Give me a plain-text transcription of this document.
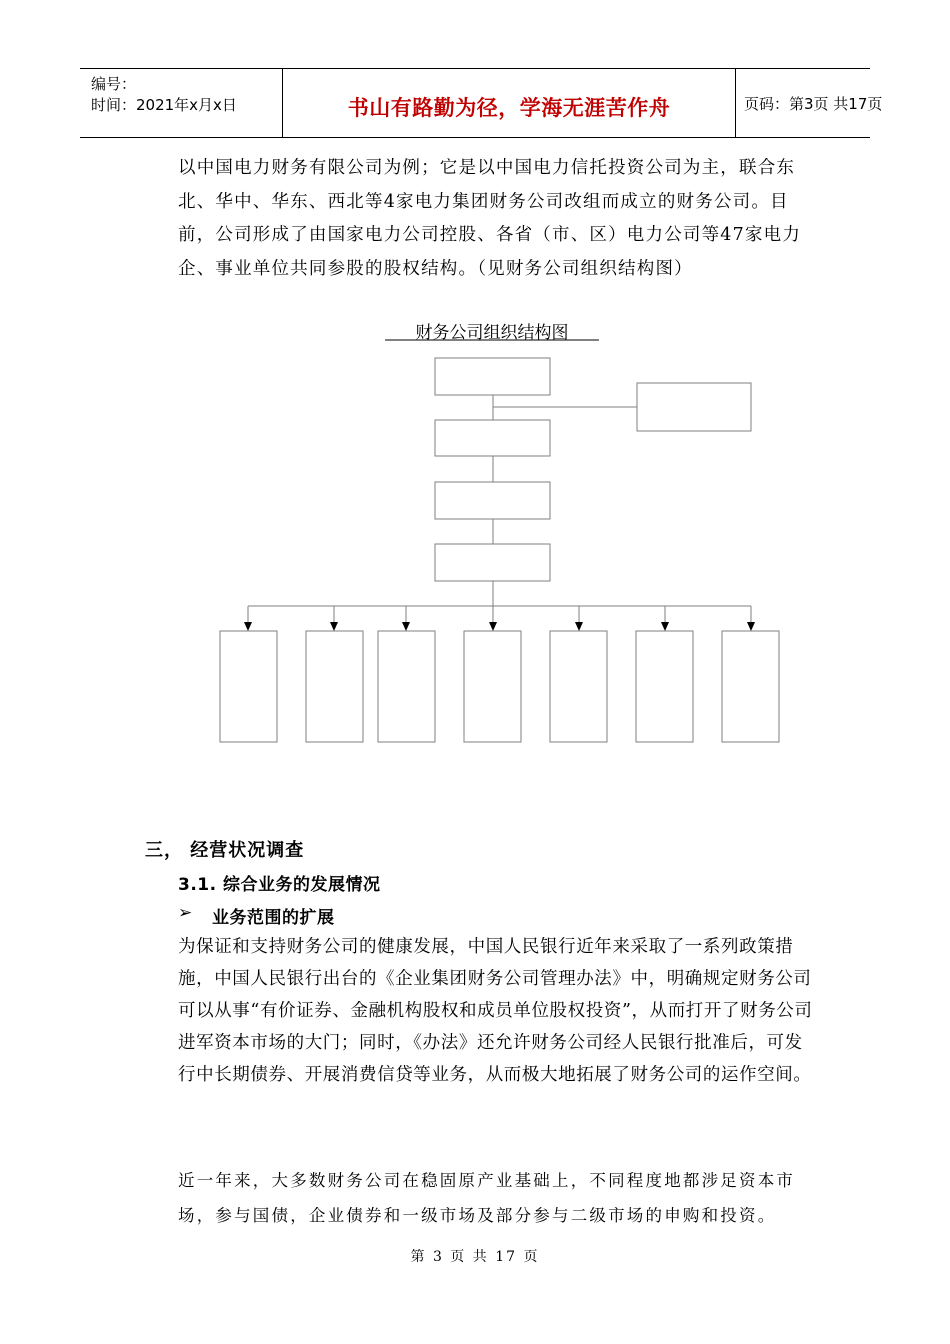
编号：
时间：2021年x月x日	书山有路勤为径，学海无涯苦作舟	页码：第3页 共17页
以中国电力财务有限公司为例；它是以中国电力信托投资公司为主，联合东北、华中、华东、西北等4家电力集团财务公司改组而成立的财务公司。目前，公司形成了由国家电力公司控股、各省（市、区）电力公司等47家电力企、事业单位共同参股的股权结构。（见财务公司组织结构图）
财务公司组织结构图
三， 经营状况调查
3.1. 综合业务的发展情况
➢ 业务范围的扩展
为保证和支持财务公司的健康发展，中国人民银行近年来采取了一系列政策措施，中国人民银行出台的《企业集团财务公司管理办法》中，明确规定财务公司可以从事“有价证券、金融机构股权和成员单位股权投资”，从而打开了财务公司进军资本市场的大门；同时，《办法》还允许财务公司经人民银行批准后，可发行中长期债券、开展消费信贷等业务，从而极大地拓展了财务公司的运作空间。
近一年来，大多数财务公司在稳固原产业基础上，不同程度地都涉足资本市场，参与国债，企业债券和一级市场及部分参与二级市场的申购和投资。
第 3 页 共 17 页
